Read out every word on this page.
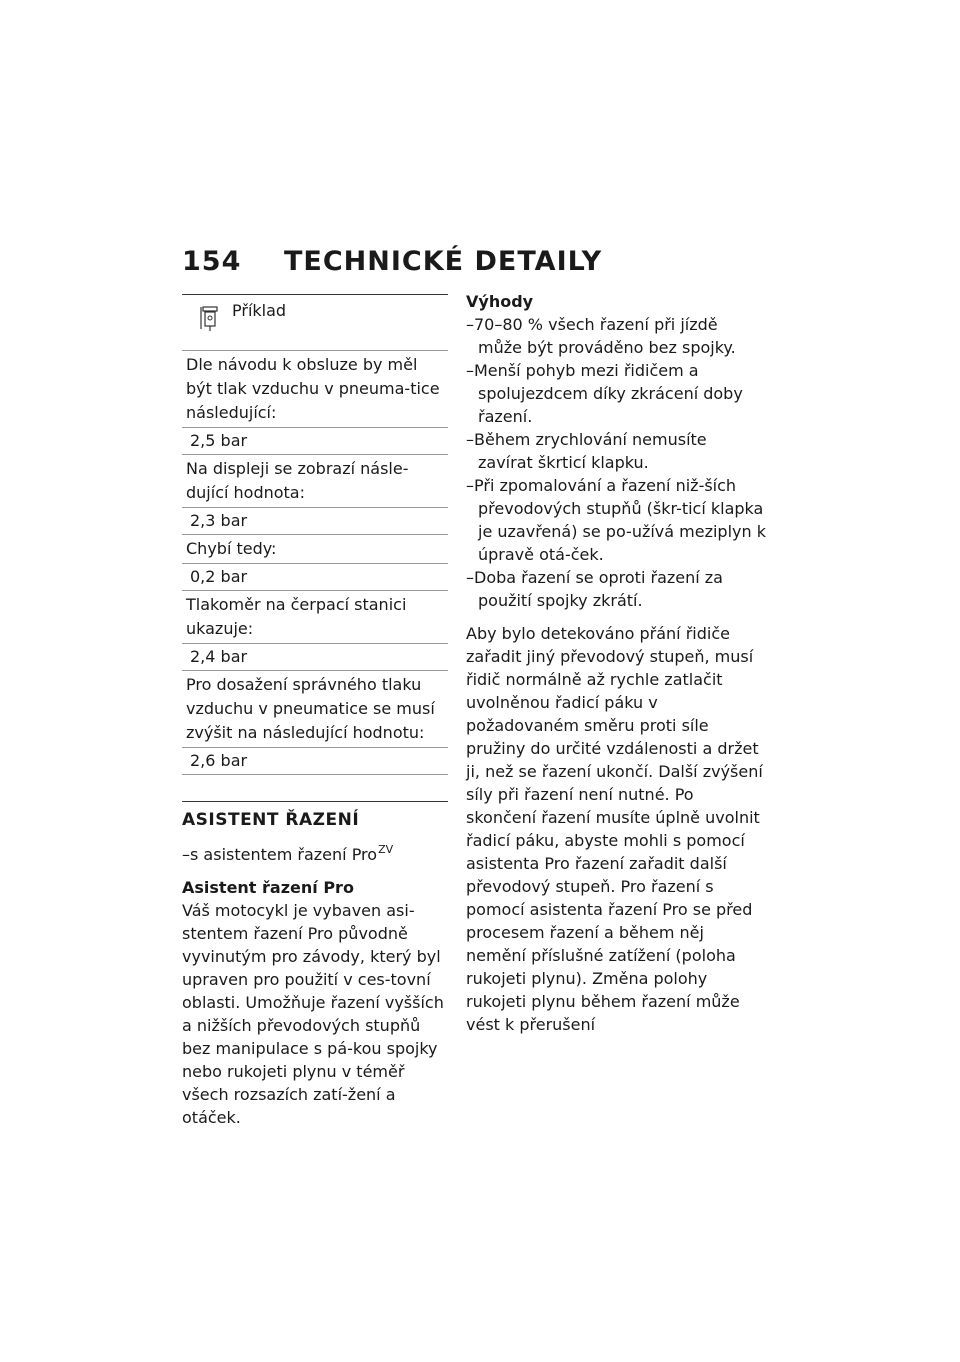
154 TECHNICKÉ DETAILY
Příklad
Dle návodu k obsluze by měl být tlak vzduchu v pneuma-tice následující:
2,5 bar
Na displeji se zobrazí násle-dující hodnota:
2,3 bar
Chybí tedy:
0,2 bar
Tlakoměr na čerpací stanici ukazuje:
2,4 bar
Pro dosažení správného tlaku vzduchu v pneumatice se musí zvýšit na následující hodnotu:
2,6 bar
ASISTENT ŘAZENÍ

–s asistentem řazení Pro$^{ZV}$

Asistent řazení Pro

Váš motocykl je vybaven asi-stentem řazení Pro původně vyvinutým pro závody, který byl upraven pro použití v ces-tovní oblasti. Umožňuje řazení vyšších a nižších převodových stupňů bez manipulace s pá-kou spojky nebo rukojeti plynu v téměř všech rozsazích zatí-žení a otáček.

Výhody
–70–80 % všech řazení při jízdě může být prováděno bez spojky.
–Menší pohyb mezi řidičem a spolujezdcem díky zkrácení doby řazení.
–Během zrychlování nemusíte zavírat škrticí klapku.
–Při zpomalování a řazení niž-ších převodových stupňů (škr-ticí klapka je uzavřená) se po-užívá meziplyn k úpravě otá-ček.
–Doba řazení se oproti řazení za použití spojky zkrátí.

Aby bylo detekováno přání řidiče zařadit jiný převodový stupeň, musí řidič normálně až rychle zatlačit uvolněnou řadicí páku v požadovaném směru proti síle pružiny do určité vzdálenosti a držet ji, než se řazení ukončí. Další zvýšení síly při řazení není nutné. Po skončení řazení musíte úplně uvolnit řadicí páku, abyste mohli s pomocí asistenta Pro řazení zařadit další převodový stupeň. Pro řazení s pomocí asistenta řazení Pro se před procesem řazení a během něj nemění příslušné zatížení (poloha rukojeti plynu). Změna polohy rukojeti plynu během řazení může vést k přerušení
